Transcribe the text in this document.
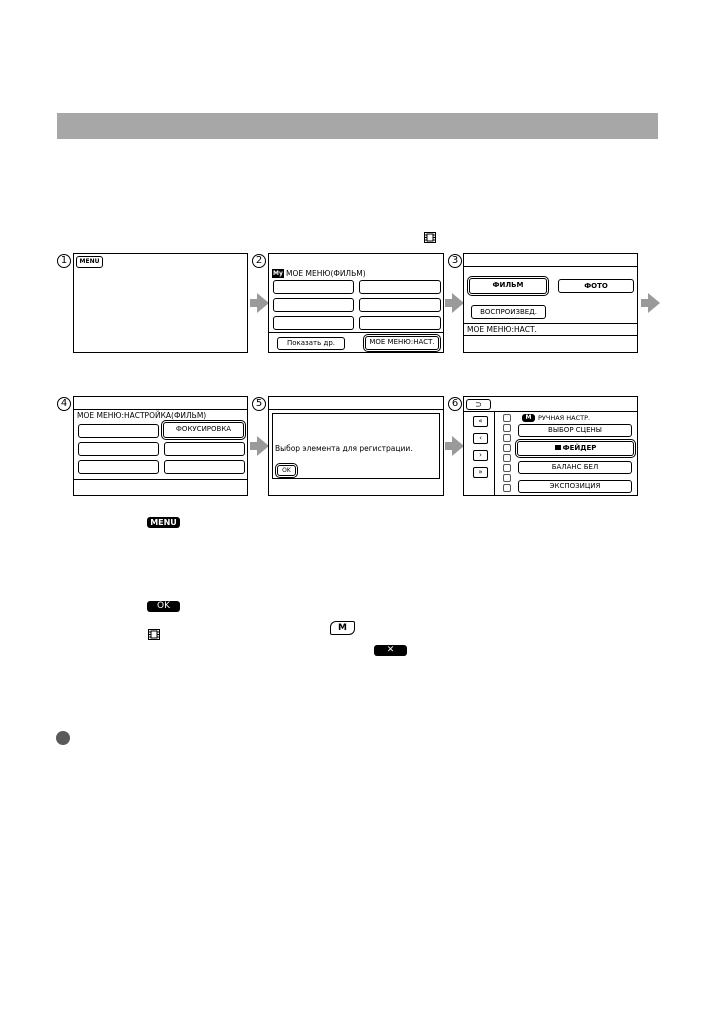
1	MENU	2
My МОЕ МЕНЮ(ФИЛЬМ)
Показать др.	МОЕ МЕНЮ:НАСТ.
3
ФИЛЬМ	ФОТО
ВОСПРОИЗВЕД.
МОЕ МЕНЮ:НАСТ.
4
МОЕ МЕНЮ:НАСТРОЙКА(ФИЛЬМ)
ФОКУСИРОВКА
5
Выбор элемента для регистрации.
OK
6	⊃
«
‹
›
»
M	РУЧНАЯ НАСТР.
ВЫБОР СЦЕНЫ
ФЕЙДЕР
БАЛАНС БЕЛ
ЭКСПОЗИЦИЯ
MENU
OK
M
✕
